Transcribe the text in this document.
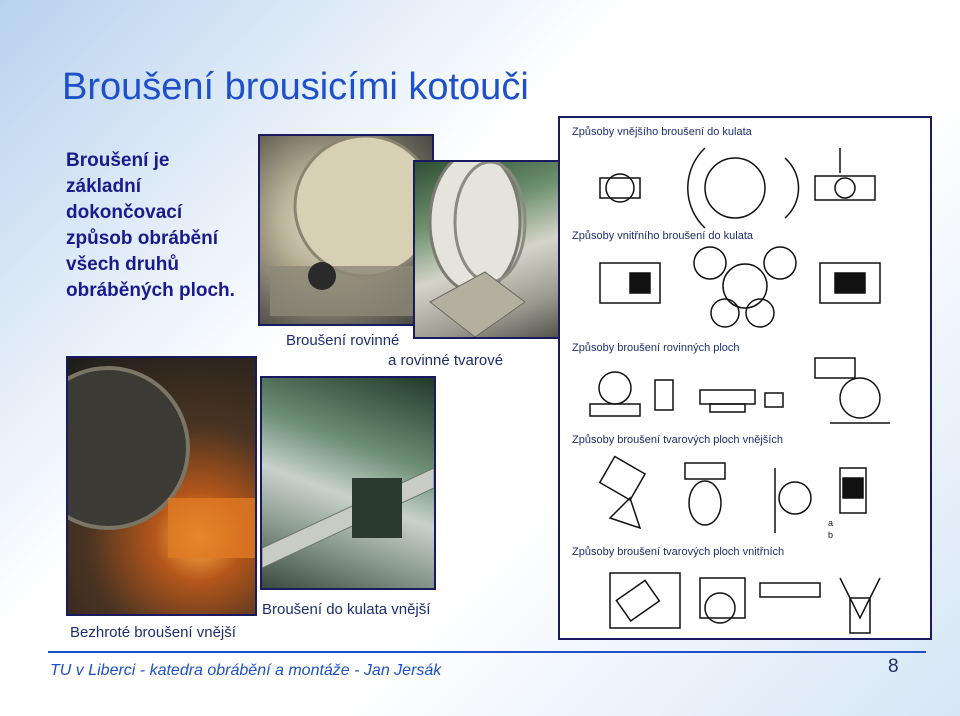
Broušení brousicími kotouči
Broušení je základní dokončovací způsob obrábění všech druhů obráběných ploch.
Broušení rovinné
a rovinné tvarové
Bezhroté broušení vnější
Broušení do kulata vnější
Způsoby vnějšího broušení do kulata
Způsoby vnitřního broušení do kulata
Způsoby broušení rovinných ploch
Způsoby broušení tvarových ploch vnějších
Způsoby broušení tvarových ploch vnitřních
a
b
TU v Liberci - katedra obrábění a montáže - Jan Jersák	8
